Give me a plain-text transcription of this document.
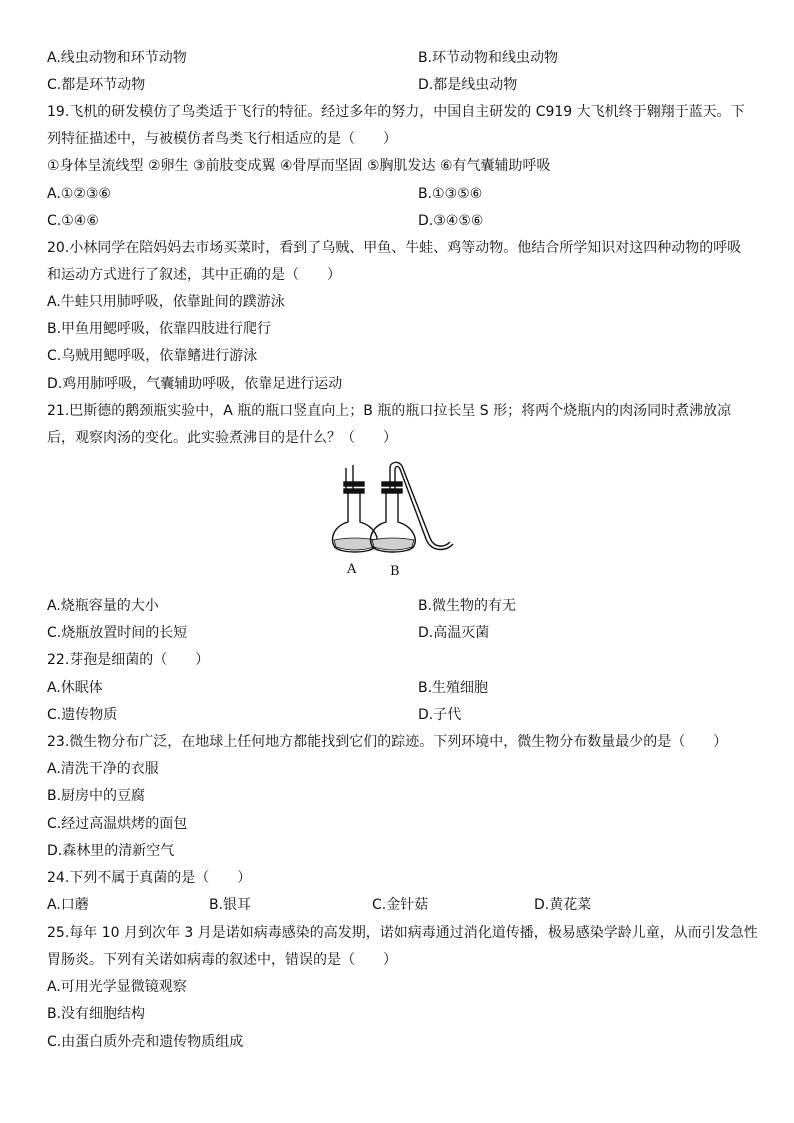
A.线虫动物和环节动物	B.环节动物和线虫动物
C.都是环节动物	D.都是线虫动物
19.飞机的研发模仿了鸟类适于飞行的特征。经过多年的努力，中国自主研发的 C919 大飞机终于翱翔于蓝天。下
列特征描述中，与被模仿者鸟类飞行相适应的是（　　）
①身体呈流线型 ②卵生 ③前肢变成翼 ④骨厚而坚固 ⑤胸肌发达 ⑥有气囊辅助呼吸
A.①②③⑥	B.①③⑤⑥
C.①④⑥	D.③④⑤⑥
20.小林同学在陪妈妈去市场买菜时，看到了乌贼、甲鱼、牛蛙、鸡等动物。他结合所学知识对这四种动物的呼吸
和运动方式进行了叙述，其中正确的是（　　）
A.牛蛙只用肺呼吸，依靠趾间的蹼游泳
B.甲鱼用鳃呼吸，依靠四肢进行爬行
C.乌贼用鳃呼吸，依靠鳍进行游泳
D.鸡用肺呼吸，气囊辅助呼吸，依靠足进行运动
21.巴斯德的鹅颈瓶实验中，A 瓶的瓶口竖直向上；B 瓶的瓶口拉长呈 S 形；将两个烧瓶内的肉汤同时煮沸放凉
后，观察肉汤的变化。此实验煮沸目的是什么？（　　）
A	B
A.烧瓶容量的大小	B.微生物的有无
C.烧瓶放置时间的长短	D.高温灭菌
22.芽孢是细菌的（　　）
A.休眠体	B.生殖细胞
C.遗传物质	D.子代
23.微生物分布广泛，在地球上任何地方都能找到它们的踪迹。下列环境中，微生物分布数量最少的是（　　）
A.清洗干净的衣服
B.厨房中的豆腐
C.经过高温烘烤的面包
D.森林里的清新空气
24.下列不属于真菌的是（　　）
A.口蘑	B.银耳	C.金针菇	D.黄花菜
25.每年 10 月到次年 3 月是诺如病毒感染的高发期，诺如病毒通过消化道传播，极易感染学龄儿童，从而引发急性
胃肠炎。下列有关诺如病毒的叙述中，错误的是（　　）
A.可用光学显微镜观察
B.没有细胞结构
C.由蛋白质外壳和遗传物质组成
